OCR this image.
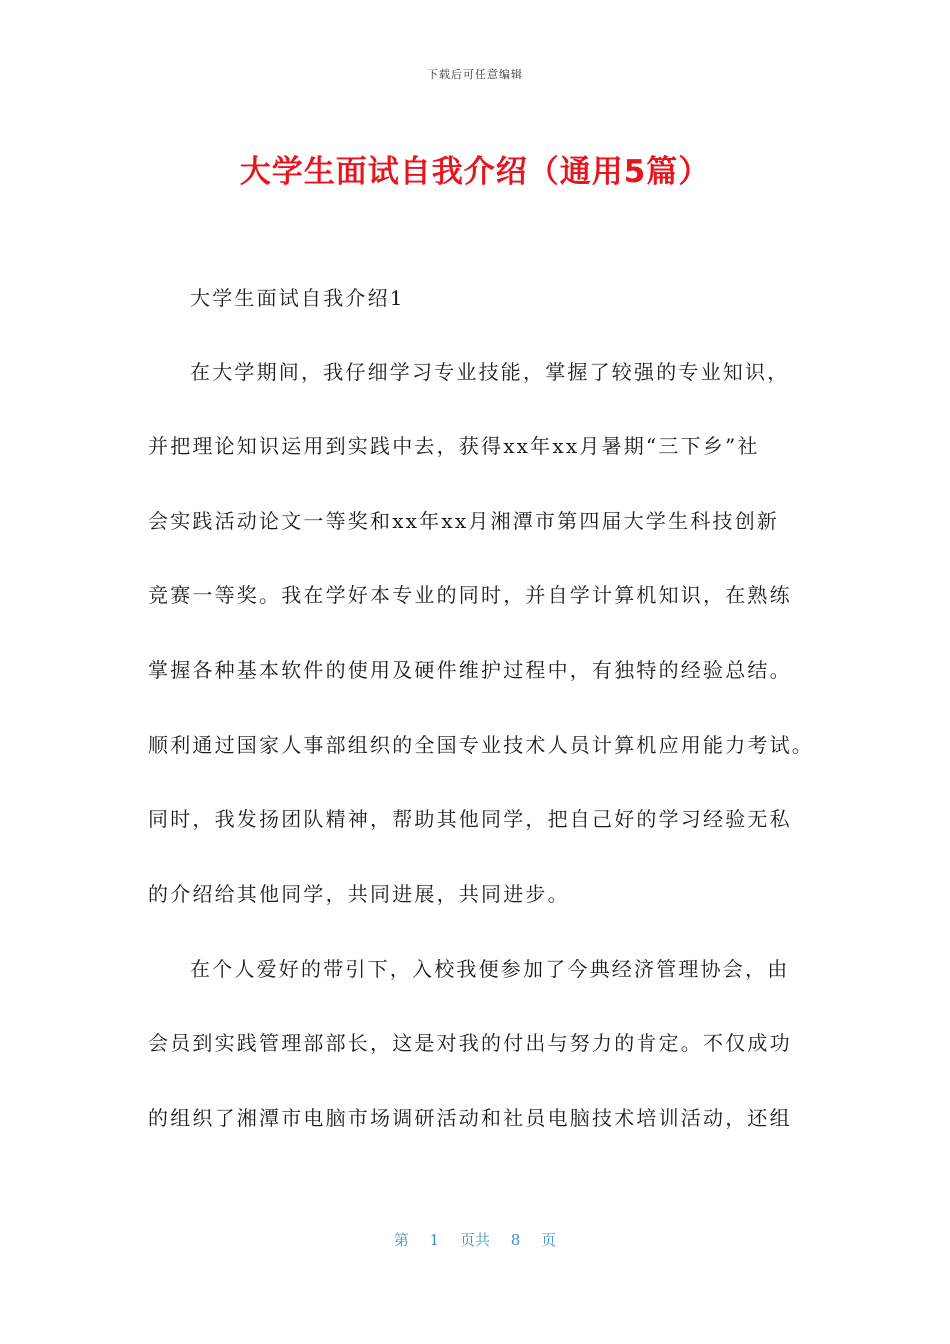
下载后可任意编辑
大学生面试自我介绍（通用5篇）
大学生面试自我介绍1
在大学期间，我仔细学习专业技能，掌握了较强的专业知识，
并把理论知识运用到实践中去，获得xx年xx月暑期“三下乡”社
会实践活动论文一等奖和xx年xx月湘潭市第四届大学生科技创新
竞赛一等奖。我在学好本专业的同时，并自学计算机知识，在熟练
掌握各种基本软件的使用及硬件维护过程中，有独特的经验总结。
顺利通过国家人事部组织的全国专业技术人员计算机应用能力考试。
同时，我发扬团队精神，帮助其他同学，把自己好的学习经验无私
的介绍给其他同学，共同进展，共同进步。
在个人爱好的带引下，入校我便参加了今典经济管理协会，由
会员到实践管理部部长，这是对我的付出与努力的肯定。不仅成功
的组织了湘潭市电脑市场调研活动和社员电脑技术培训活动，还组
第 1 页共 8 页
